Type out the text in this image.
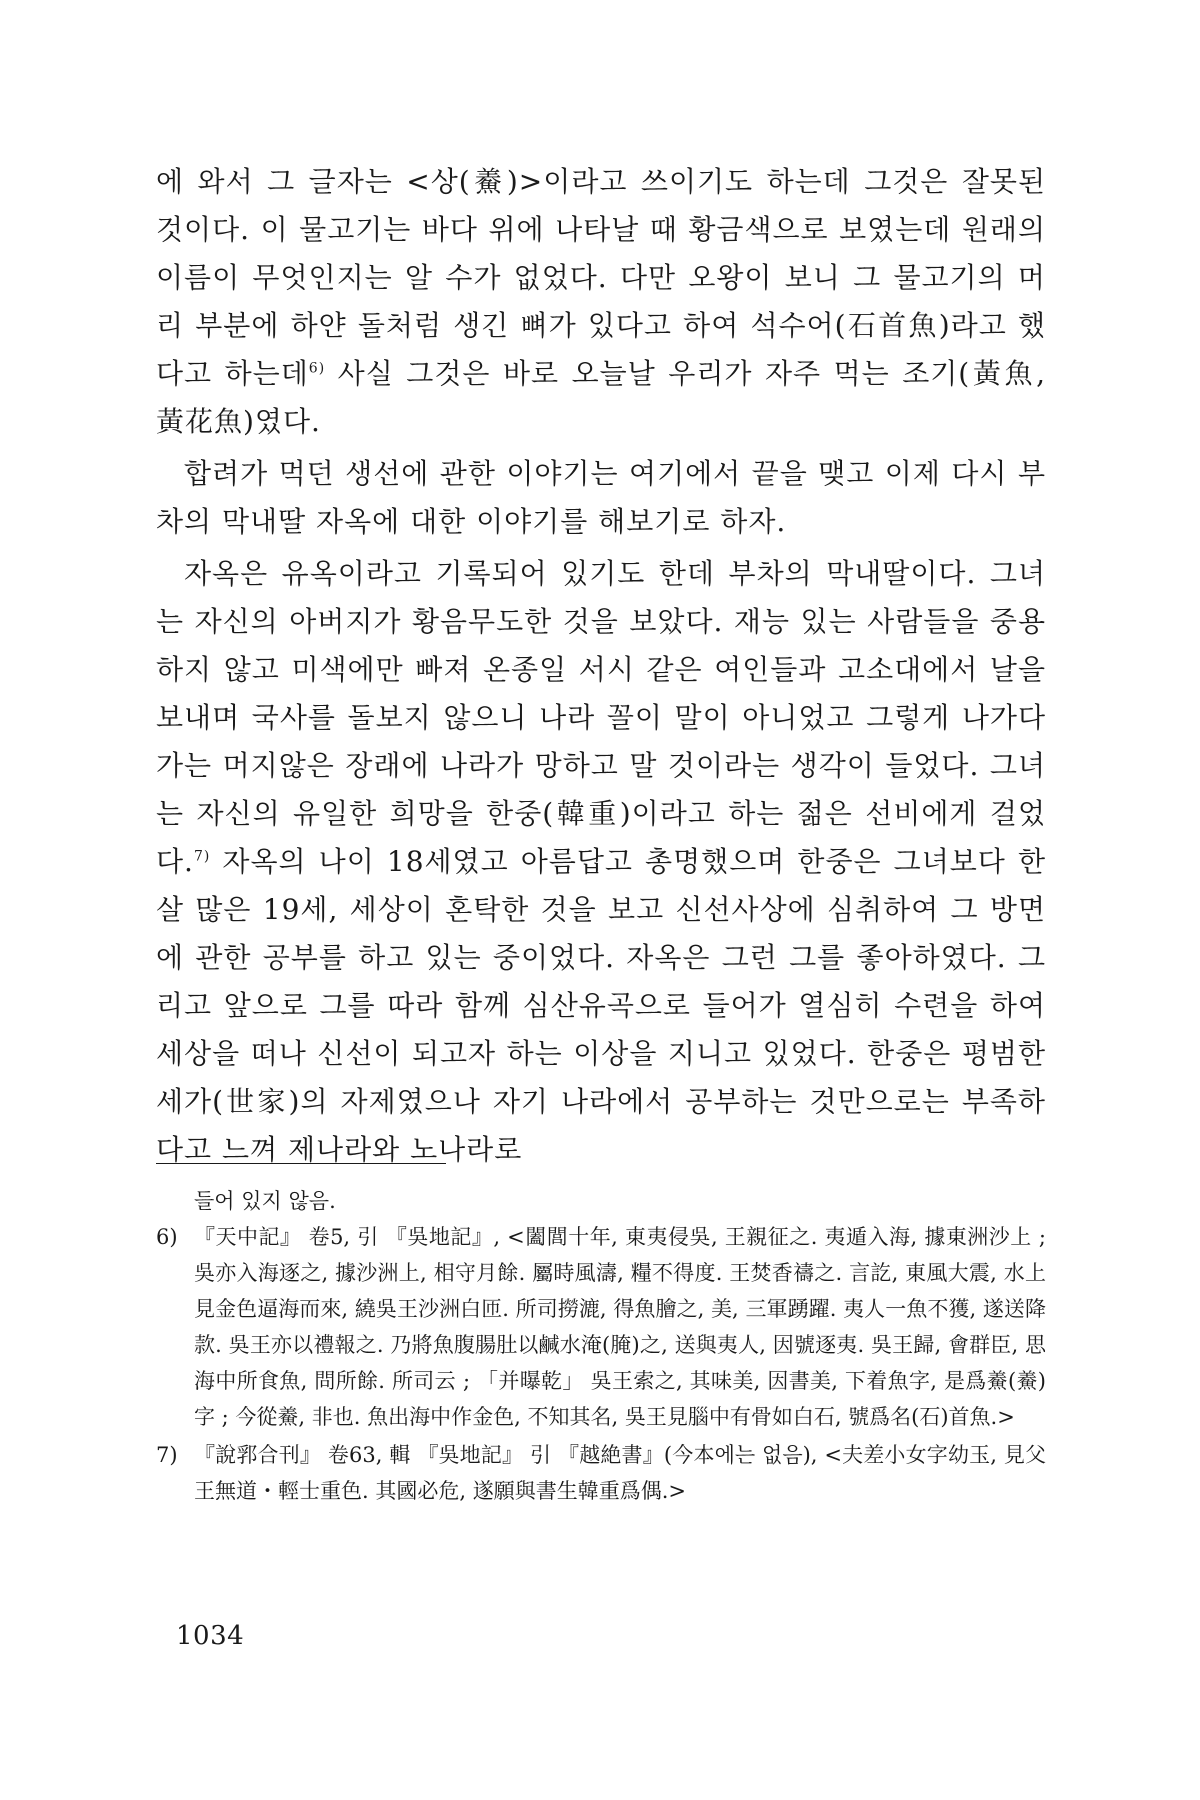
에 와서 그 글자는 <상(鯗)>이라고 쓰이기도 하는데 그것은 잘못된 것이다. 이 물고기는 바다 위에 나타날 때 황금색으로 보였는데 원래의 이름이 무엇인지는 알 수가 없었다. 다만 오왕이 보니 그 물고기의 머리 부분에 하얀 돌처럼 생긴 뼈가 있다고 하여 석수어(石首魚)라고 했다고 하는데$^{6)}$ 사실 그것은 바로 오늘날 우리가 자주 먹는 조기(黃魚, 黃花魚)였다.

합려가 먹던 생선에 관한 이야기는 여기에서 끝을 맺고 이제 다시 부차의 막내딸 자옥에 대한 이야기를 해보기로 하자.

자옥은 유옥이라고 기록되어 있기도 한데 부차의 막내딸이다. 그녀는 자신의 아버지가 황음무도한 것을 보았다. 재능 있는 사람들을 중용하지 않고 미색에만 빠져 온종일 서시 같은 여인들과 고소대에서 날을 보내며 국사를 돌보지 않으니 나라 꼴이 말이 아니었고 그렇게 나가다가는 머지않은 장래에 나라가 망하고 말 것이라는 생각이 들었다. 그녀는 자신의 유일한 희망을 한중(韓重)이라고 하는 젊은 선비에게 걸었다.$^{7)}$ 자옥의 나이 18세였고 아름답고 총명했으며 한중은 그녀보다 한 살 많은 19세, 세상이 혼탁한 것을 보고 신선사상에 심취하여 그 방면에 관한 공부를 하고 있는 중이었다. 자옥은 그런 그를 좋아하였다. 그리고 앞으로 그를 따라 함께 심산유곡으로 들어가 열심히 수련을 하여 세상을 떠나 신선이 되고자 하는 이상을 지니고 있었다. 한중은 평범한 세가(世家)의 자제였으나 자기 나라에서 공부하는 것만으로는 부족하다고 느껴 제나라와 노나라로

들어 있지 않음.

6) 『天中記』 卷5, 引 『吳地記』, <闔閭十年, 東夷侵吳, 王親征之. 夷遁入海, 據東洲沙上 ; 吳亦入海逐之, 據沙洲上, 相守月餘. 屬時風濤, 糧不得度. 王焚香禱之. 言訖, 東風大震, 水上見金色逼海而來, 繞吳王沙洲白匝. 所司撈漉, 得魚膾之, 美, 三軍踴躍. 夷人一魚不獲, 遂送降款. 吳王亦以禮報之. 乃將魚腹腸肚以鹹水淹(腌)之, 送與夷人, 因號逐夷. 吳王歸, 會群臣, 思海中所食魚, 問所餘. 所司云 ; 「并曝乾」 吳王索之, 其味美, 因書美, 下着魚字, 是爲鯗(鯗)字 ; 今從鯗, 非也. 魚出海中作金色, 不知其名, 吳王見腦中有骨如白石, 號爲名(石)首魚.>
7) 『說郛合刊』 卷63, 輯 『吳地記』 引 『越絶書』(今本에는 없음), <夫差小女字幼玉, 見父王無道・輕士重色. 其國必危, 遂願與書生韓重爲偶.>
1034
